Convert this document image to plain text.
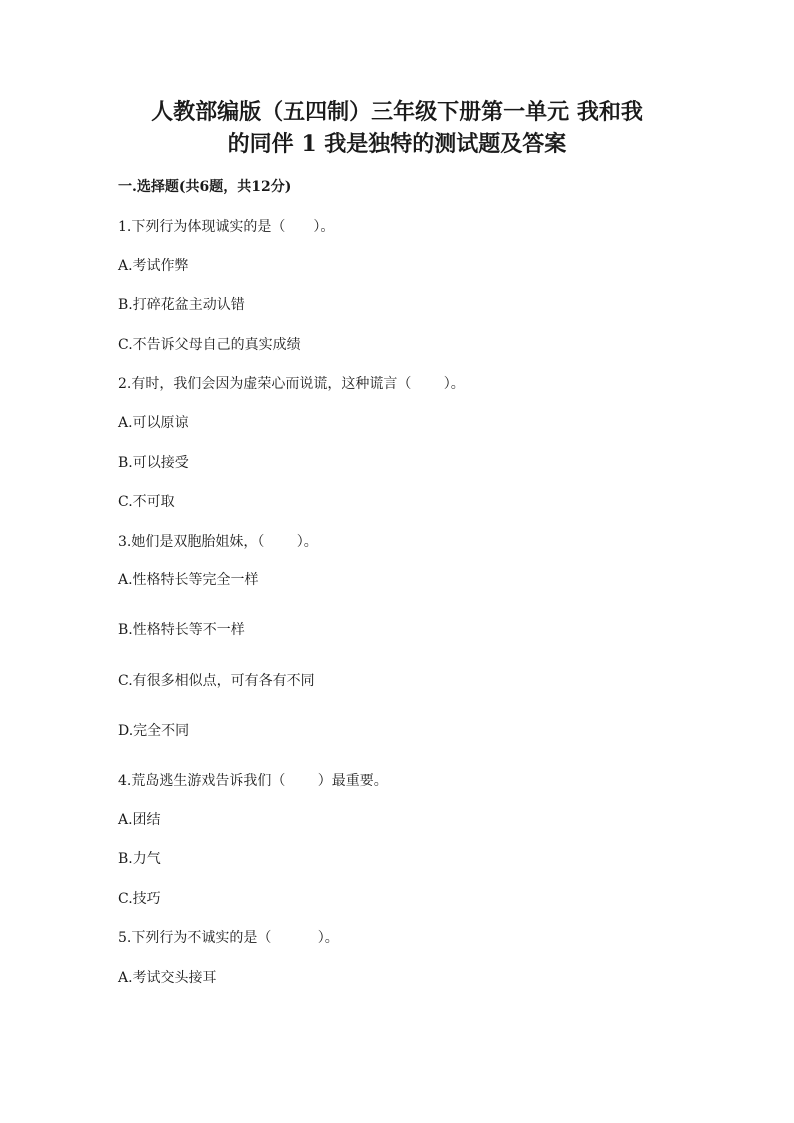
人教部编版（五四制）三年级下册第一单元 我和我
的同伴 1 我是独特的测试题及答案

一.选择题(共6题，共12分)

1.下列行为体现诚实的是（　　）。

A.考试作弊

B.打碎花盆主动认错

C.不告诉父母自己的真实成绩

2.有时，我们会因为虚荣心而说谎，这种谎言（　　 ）。

A.可以原谅

B.可以接受

C.不可取

3.她们是双胞胎姐妹，（　　 ）。

A.性格特长等完全一样

B.性格特长等不一样

C.有很多相似点，可有各有不同

D.完全不同

4.荒岛逃生游戏告诉我们（　　 ）最重要。

A.团结

B.力气

C.技巧

5.下列行为不诚实的是（　　　 ）。

A.考试交头接耳
